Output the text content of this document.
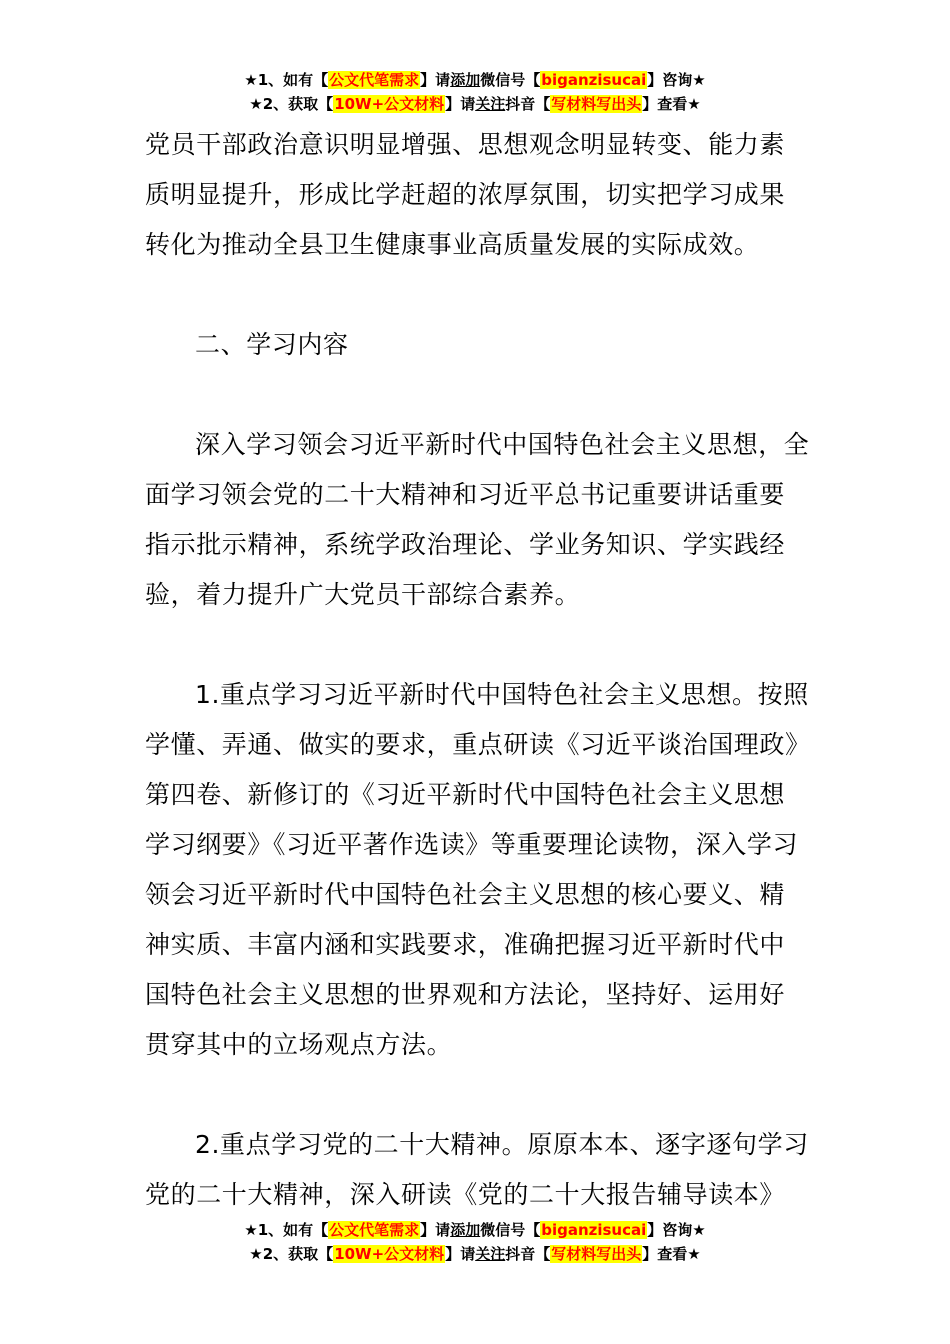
★1、如有【公文代笔需求】请添加微信号【biganzisucai】咨询★
★2、获取【10W+公文材料】请关注抖音【写材料写出头】查看★

党员干部政治意识明显增强、思想观念明显转变、能力素质明显提升，形成比学赶超的浓厚氛围，切实把学习成果转化为推动全县卫生健康事业高质量发展的实际成效。

二、学习内容

深入学习领会习近平新时代中国特色社会主义思想，全面学习领会党的二十大精神和习近平总书记重要讲话重要指示批示精神，系统学政治理论、学业务知识、学实践经验，着力提升广大党员干部综合素养。

1.重点学习习近平新时代中国特色社会主义思想。按照学懂、弄通、做实的要求，重点研读《习近平谈治国理政》第四卷、新修订的《习近平新时代中国特色社会主义思想学习纲要》《习近平著作选读》等重要理论读物，深入学习领会习近平新时代中国特色社会主义思想的核心要义、精神实质、丰富内涵和实践要求，准确把握习近平新时代中国特色社会主义思想的世界观和方法论，坚持好、运用好贯穿其中的立场观点方法。

2.重点学习党的二十大精神。原原本本、逐字逐句学习党的二十大精神，深入研读《党的二十大报告辅导读本》

★1、如有【公文代笔需求】请添加微信号【biganzisucai】咨询★
★2、获取【10W+公文材料】请关注抖音【写材料写出头】查看★
